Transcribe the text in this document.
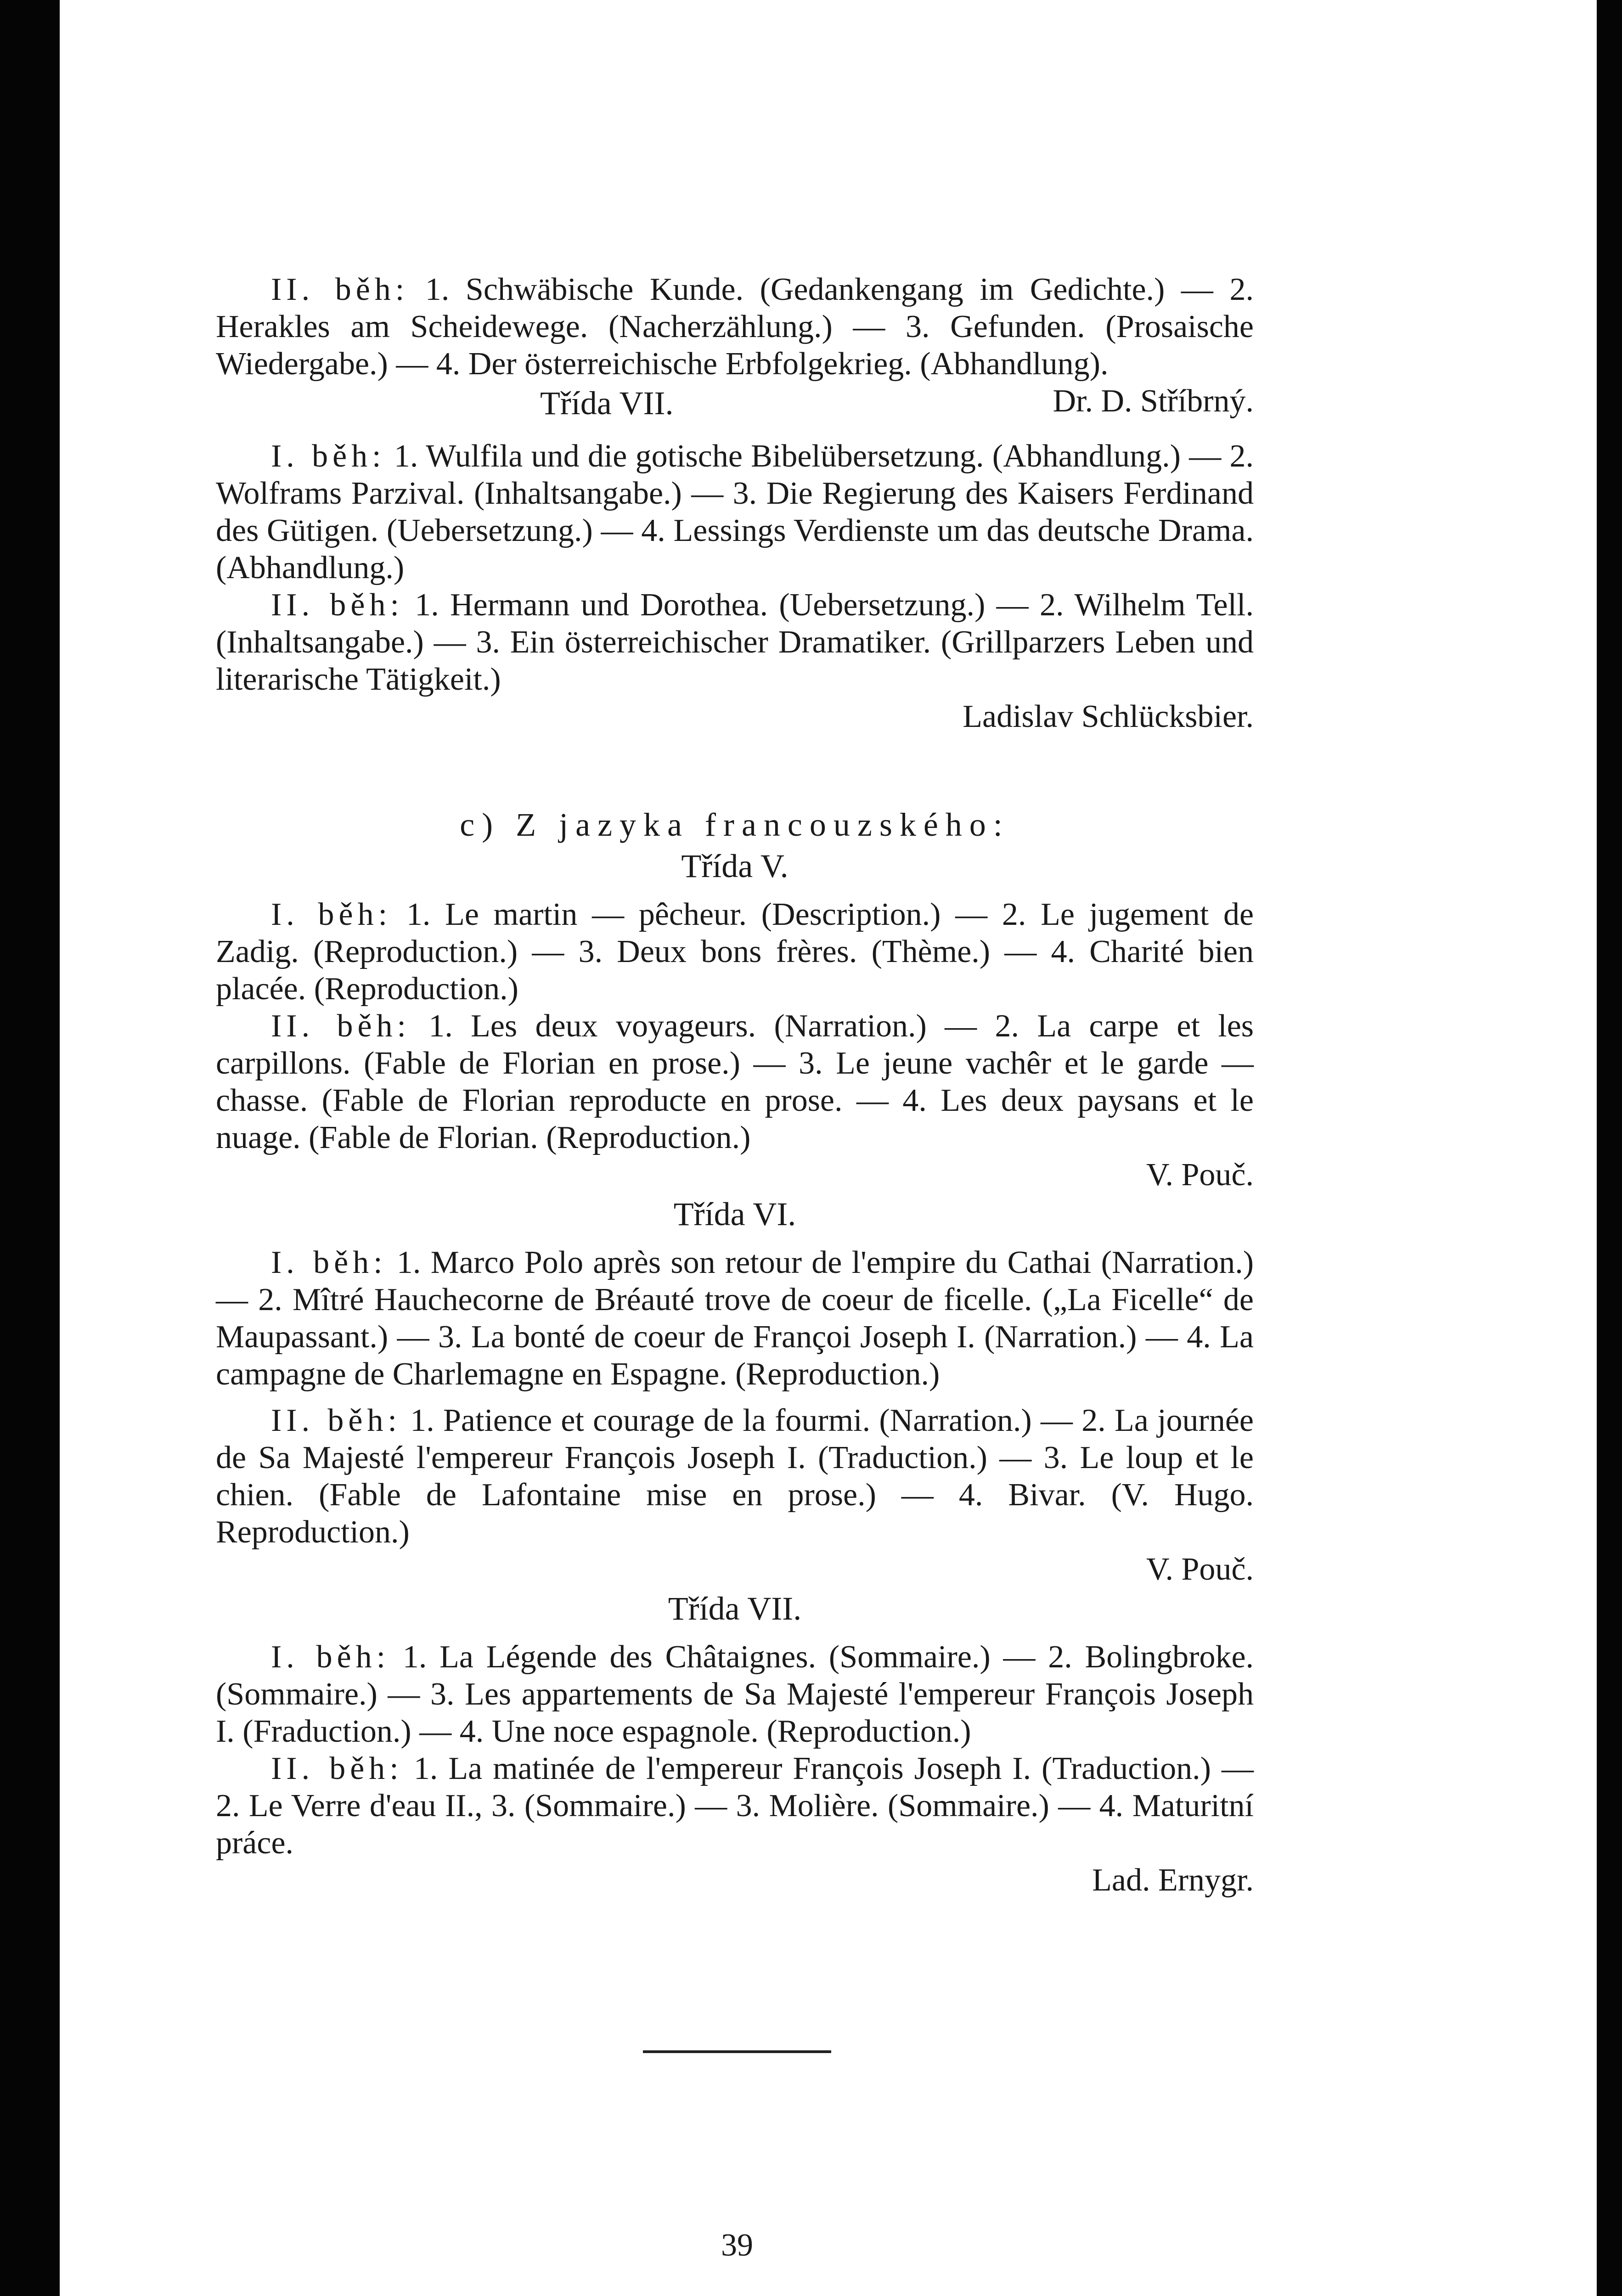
II. běh: 1. Schwäbische Kunde. (Gedankengang im Gedichte.) — 2. Herakles am Scheidewege. (Nacherzählung.) — 3. Gefunden. (Prosaische Wiedergabe.) — 4. Der österreichische Erbfolgekrieg. (Abhandlung).
Dr. D. Stříbrný.

Třída VII.

I. běh: 1. Wulfila und die gotische Bibelübersetzung. (Abhandlung.) — 2. Wolframs Parzival. (Inhaltsangabe.) — 3. Die Regierung des Kaisers Ferdinand des Gütigen. (Uebersetzung.) — 4. Lessings Verdienste um das deutsche Drama. (Abhandlung.)

II. běh: 1. Hermann und Dorothea. (Uebersetzung.) — 2. Wilhelm Tell. (Inhaltsangabe.) — 3. Ein österreichischer Dramatiker. (Grillparzers Leben und literarische Tätigkeit.)

Ladislav Schlücksbier.

c) Z jazyka francouzského:

Třída V.

I. běh: 1. Le martin — pêcheur. (Description.) — 2. Le jugement de Zadig. (Reproduction.) — 3. Deux bons frères. (Thème.) — 4. Charité bien placée. (Reproduction.)

II. běh: 1. Les deux voyageurs. (Narration.) — 2. La carpe et les carpillons. (Fable de Florian en prose.) — 3. Le jeune vachêr et le garde — chasse. (Fable de Florian reproducte en prose. — 4. Les deux paysans et le nuage. (Fable de Florian. (Reproduction.)

V. Pouč.

Třída VI.

I. běh: 1. Marco Polo après son retour de l'empire du Cathai (Narration.) — 2. Mîtré Hauchecorne de Bréauté trove de coeur de ficelle. („La Ficelle“ de Maupassant.) — 3. La bonté de coeur de Françoi Joseph I. (Narration.) — 4. La campagne de Charlemagne en Espagne. (Reproduction.)

II. běh: 1. Patience et courage de la fourmi. (Narration.) — 2. La journée de Sa Majesté l'empereur François Joseph I. (Traduction.) — 3. Le loup et le chien. (Fable de Lafontaine mise en prose.) — 4. Bivar. (V. Hugo. Reproduction.)

V. Pouč.

Třída VII.

I. běh: 1. La Légende des Châtaignes. (Sommaire.) — 2. Bolingbroke. (Sommaire.) — 3. Les appartements de Sa Majesté l'empereur François Joseph I. (Fraduction.) — 4. Une noce espagnole. (Reproduction.)

II. běh: 1. La matinée de l'empereur François Joseph I. (Traduction.) — 2. Le Verre d'eau II., 3. (Sommaire.) — 3. Molière. (Sommaire.) — 4. Maturitní práce.

Lad. Ernygr.

39
